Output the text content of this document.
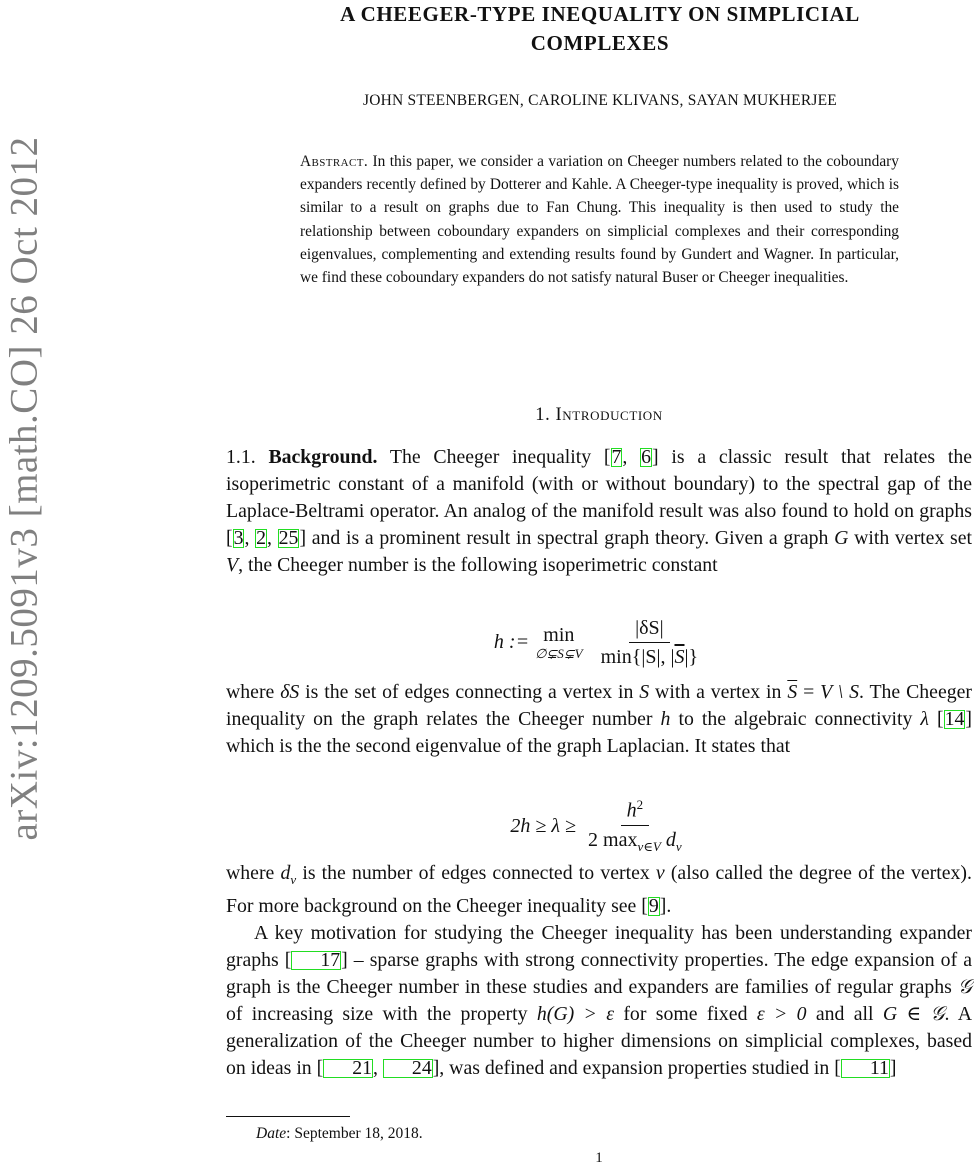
arXiv:1209.5091v3 [math.CO] 26 Oct 2012
A CHEEGER-TYPE INEQUALITY ON SIMPLICIAL
COMPLEXES
JOHN STEENBERGEN, CAROLINE KLIVANS, SAYAN MUKHERJEE
Abstract. In this paper, we consider a variation on Cheeger numbers related to the coboundary expanders recently defined by Dotterer and Kahle. A Cheeger-type inequality is proved, which is similar to a result on graphs due to Fan Chung. This inequality is then used to study the relationship between coboundary expanders on simplicial complexes and their corresponding eigenvalues, complementing and extending results found by Gundert and Wagner. In particular, we find these coboundary expanders do not satisfy natural Buser or Cheeger inequalities.
1. Introduction

1.1. Background. The Cheeger inequality [7, 6] is a classic result that relates the isoperimetric constant of a manifold (with or without boundary) to the spectral gap of the Laplace-Beltrami operator. An analog of the manifold result was also found to hold on graphs [3, 2, 25] and is a prominent result in spectral graph theory. Given a graph G with vertex set V, the Cheeger number is the following isoperimetric constant

h := min
∅⊊S⊊V $\frac{|\delta S|}{\min\{|S|, |\overline{S}|\}}$

where δS is the set of edges connecting a vertex in S with a vertex in $\overline{S} = V$ \ S. The Cheeger inequality on the graph relates the Cheeger number h to the algebraic connectivity λ [14] which is the the second eigenvalue of the graph Laplacian. It states that

$2h \ge \lambda \ge \frac{h^2}{2 \max_{v\in V} d_v}$

where $d_v$ is the number of edges connected to vertex v (also called the degree of the vertex). For more background on the Cheeger inequality see [9].

A key motivation for studying the Cheeger inequality has been understanding expander graphs [ 17] – sparse graphs with strong connectivity properties. The edge expansion of a graph is the Cheeger number in these studies and expanders are families of regular graphs 𝒢 of increasing size with the property h(G) > ε for some fixed ε > 0 and all G ∈ 𝒢. A generalization of the Cheeger number to higher dimensions on simplicial complexes, based on ideas in [ 21, 24], was defined and expansion properties studied in [ 11]

Date: September 18, 2018.
1
